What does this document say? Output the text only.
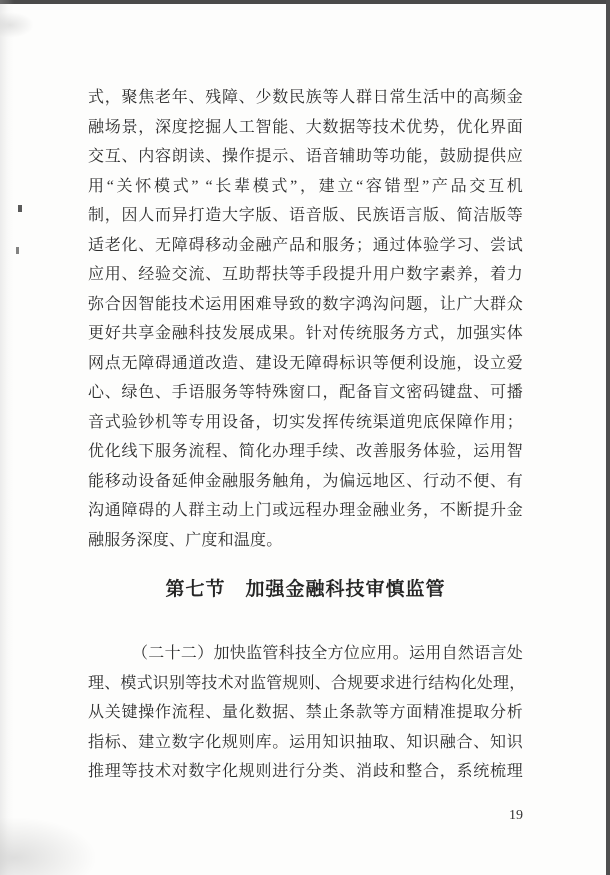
式，聚焦老年、残障、少数民族等人群日常生活中的高频金
融场景，深度挖掘人工智能、大数据等技术优势，优化界面
交互、内容朗读、操作提示、语音辅助等功能，鼓励提供应
用“关怀模式” “长辈模式”，建立“容错型”产品交互机
制，因人而异打造大字版、语音版、民族语言版、简洁版等
适老化、无障碍移动金融产品和服务；通过体验学习、尝试
应用、经验交流、互助帮扶等手段提升用户数字素养，着力
弥合因智能技术运用困难导致的数字鸿沟问题，让广大群众
更好共享金融科技发展成果。针对传统服务方式，加强实体
网点无障碍通道改造、建设无障碍标识等便利设施，设立爱
心、绿色、手语服务等特殊窗口，配备盲文密码键盘、可播
音式验钞机等专用设备，切实发挥传统渠道兜底保障作用；
优化线下服务流程、简化办理手续、改善服务体验，运用智
能移动设备延伸金融服务触角，为偏远地区、行动不便、有
沟通障碍的人群主动上门或远程办理金融业务，不断提升金
融服务深度、广度和温度。
第七节　加强金融科技审慎监管
（二十二）加快监管科技全方位应用。运用自然语言处
理、模式识别等技术对监管规则、合规要求进行结构化处理，
从关键操作流程、量化数据、禁止条款等方面精准提取分析
指标、建立数字化规则库。运用知识抽取、知识融合、知识
推理等技术对数字化规则进行分类、消歧和整合，系统梳理
19
